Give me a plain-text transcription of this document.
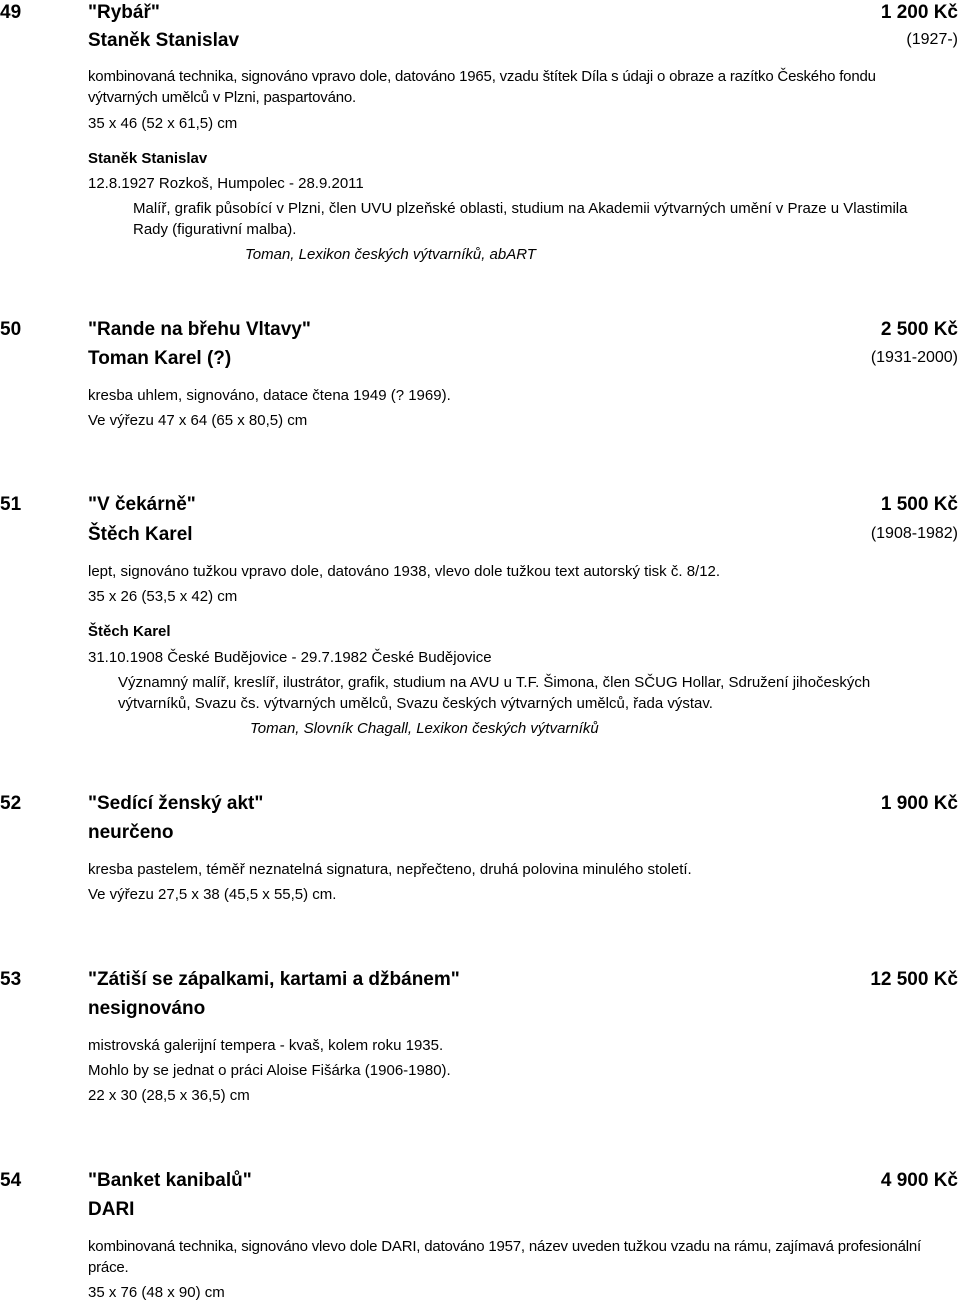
49	"Rybář"	1 200 Kč
Staněk Stanislav	(1927-)
kombinovaná technika, signováno vpravo dole, datováno 1965, vzadu štítek Díla s údaji o obraze a razítko Českého fondu výtvarných umělců v Plzni, paspartováno.
35 x 46 (52 x 61,5) cm
Staněk Stanislav
12.8.1927 Rozkoš, Humpolec - 28.9.2011
Malíř, grafik působící v Plzni, člen UVU plzeňské oblasti, studium na Akademii výtvarných umění v Praze u Vlastimila Rady (figurativní malba).
Toman, Lexikon českých výtvarníků, abART
50	"Rande na břehu Vltavy"	2 500 Kč
Toman Karel (?)	(1931-2000)
kresba uhlem, signováno, datace čtena 1949 (? 1969).
Ve výřezu 47 x 64 (65 x 80,5) cm
51	"V čekárně"	1 500 Kč
Štěch Karel	(1908-1982)
lept, signováno tužkou vpravo dole, datováno 1938, vlevo dole tužkou text autorský tisk č. 8/12.
35 x 26 (53,5 x 42) cm
Štěch Karel
31.10.1908 České Budějovice - 29.7.1982 České Budějovice
Významný malíř, kreslíř, ilustrátor, grafik, studium na AVU u T.F. Šimona, člen SČUG Hollar, Sdružení jihočeských výtvarníků, Svazu čs. výtvarných umělců, Svazu českých výtvarných umělců, řada výstav.
Toman, Slovník Chagall, Lexikon českých výtvarníků
52	"Sedící ženský akt"	1 900 Kč
neurčeno
kresba pastelem, téměř neznatelná signatura, nepřečteno, druhá polovina minulého století.
Ve výřezu 27,5 x 38 (45,5 x 55,5) cm.
53	"Zátiší se zápalkami, kartami a džbánem"	12 500 Kč
nesignováno
mistrovská galerijní tempera - kvaš, kolem roku 1935.
Mohlo by se jednat o práci Aloise Fišárka (1906-1980).
22 x 30 (28,5 x 36,5) cm
54	"Banket kanibalů"	4 900 Kč
DARI
kombinovaná technika, signováno vlevo dole DARI, datováno 1957, název uveden tužkou vzadu na rámu, zajímavá profesionální práce.
35 x 76 (48 x 90) cm
